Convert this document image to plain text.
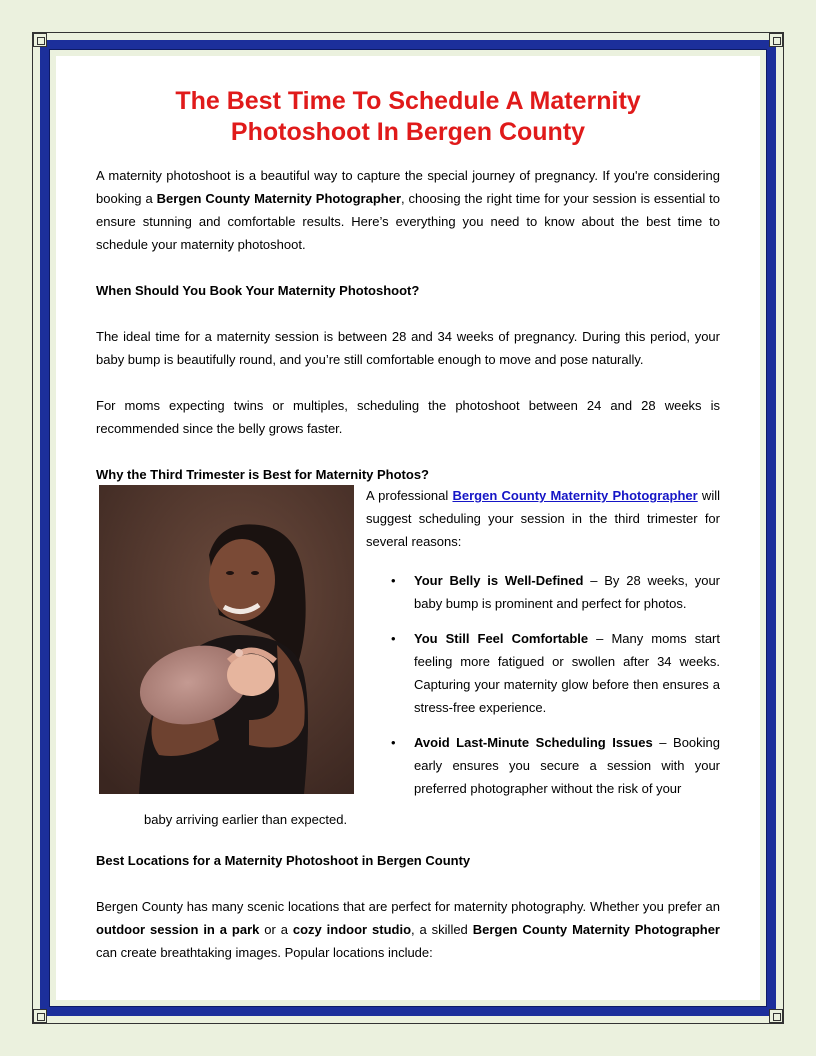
The Best Time To Schedule A Maternity
Photoshoot In Bergen County

A maternity photoshoot is a beautiful way to capture the special journey of pregnancy. If you're considering booking a Bergen County Maternity Photographer, choosing the right time for your session is essential to ensure stunning and comfortable results. Here’s everything you need to know about the best time to schedule your maternity photoshoot.

When Should You Book Your Maternity Photoshoot?

The ideal time for a maternity session is between 28 and 34 weeks of pregnancy. During this period, your baby bump is beautifully round, and you’re still comfortable enough to move and pose naturally.

For moms expecting twins or multiples, scheduling the photoshoot between 24 and 28 weeks is recommended since the belly grows faster.

Why the Third Trimester is Best for Maternity Photos?

A professional Bergen County Maternity Photographer will suggest scheduling your session in the third trimester for several reasons:

• Your Belly is Well-Defined – By 28 weeks, your baby bump is prominent and perfect for photos.
• You Still Feel Comfortable – Many moms start feeling more fatigued or swollen after 34 weeks. Capturing your maternity glow before then ensures a stress-free experience.
• Avoid Last-Minute Scheduling Issues – Booking early ensures you secure a session with your preferred photographer without the risk of your
baby arriving earlier than expected.

Best Locations for a Maternity Photoshoot in Bergen County

Bergen County has many scenic locations that are perfect for maternity photography. Whether you prefer an outdoor session in a park or a cozy indoor studio, a skilled Bergen County Maternity Photographer can create breathtaking images. Popular locations include:
